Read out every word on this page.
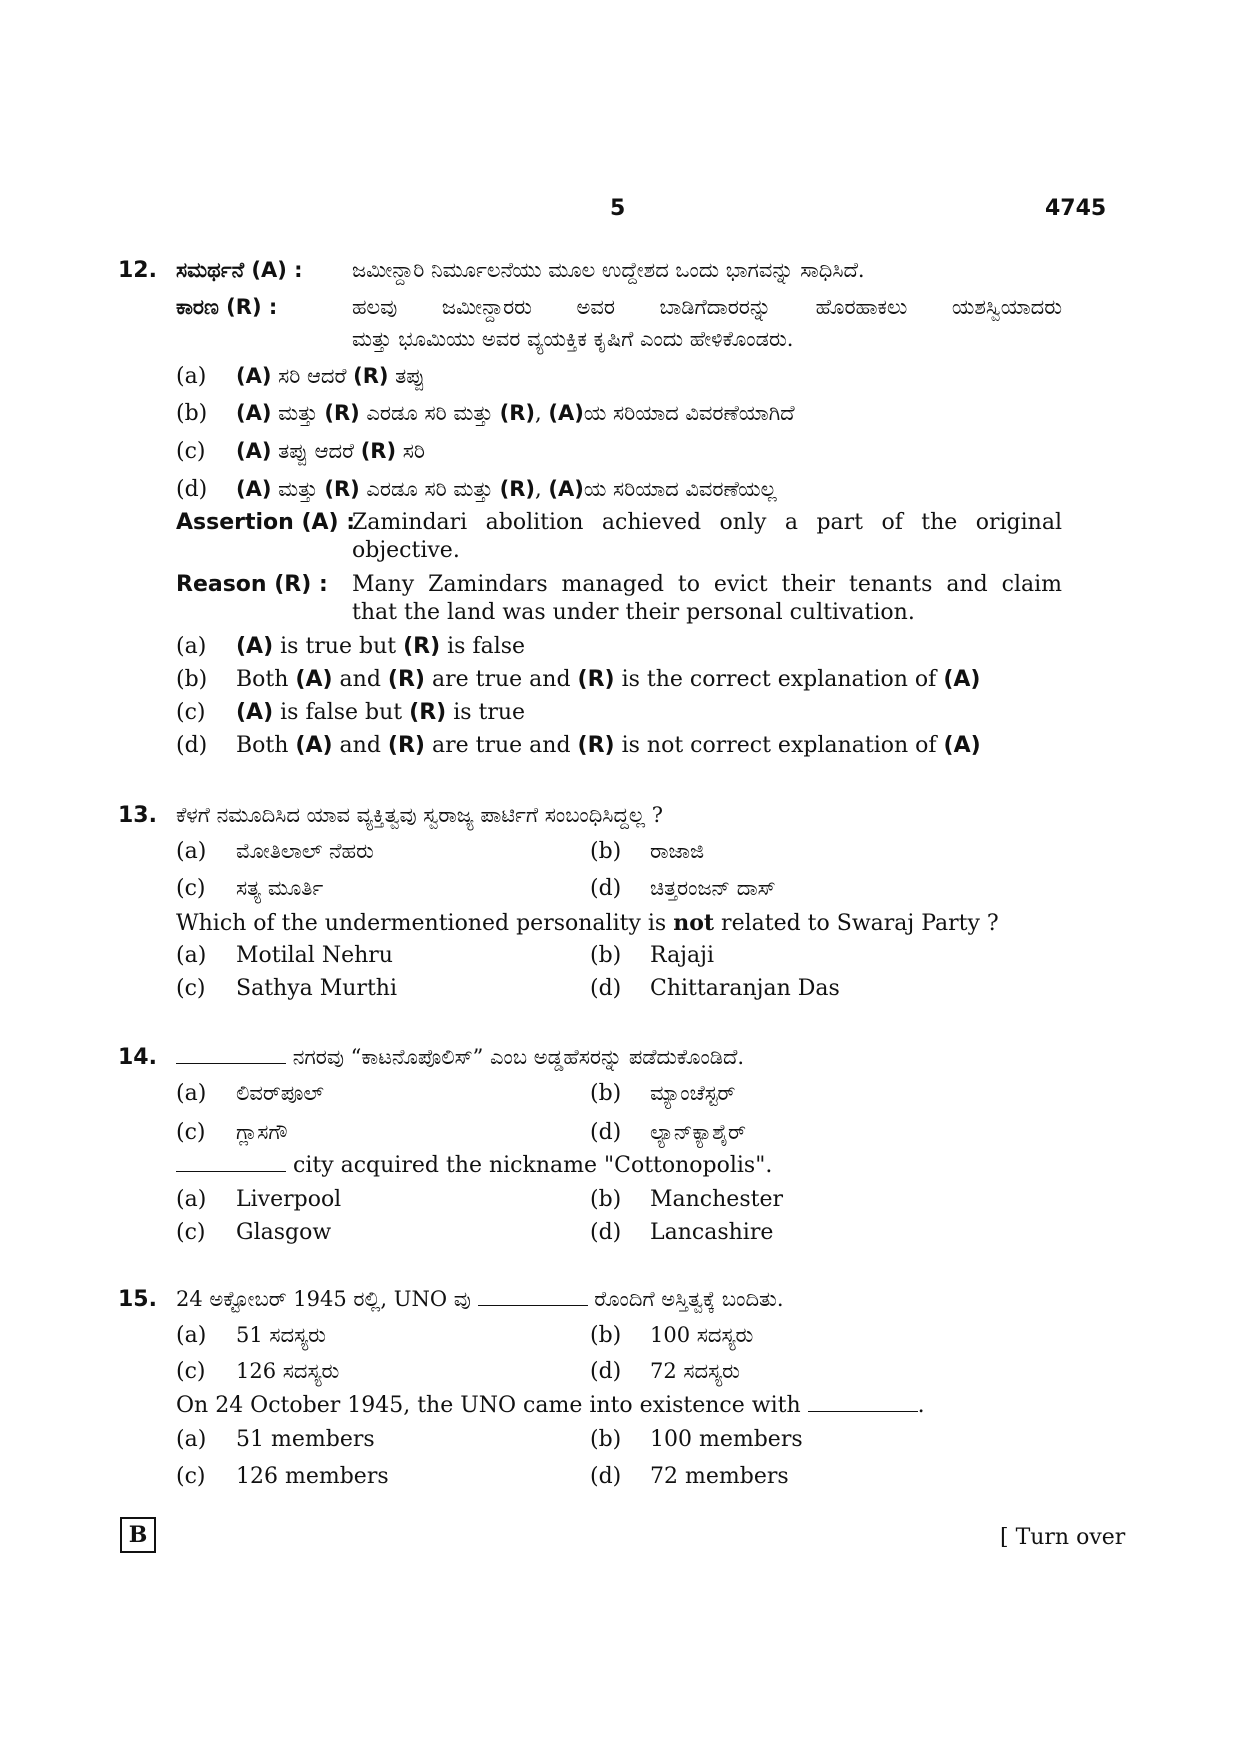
5	4745
12. ಸಮರ್ಥನೆ (A) : ಜಮೀನ್ದಾರಿ ನಿರ್ಮೂಲನೆಯು ಮೂಲ ಉದ್ದೇಶದ ಒಂದು ಭಾಗವನ್ನು ಸಾಧಿಸಿದೆ.
ಕಾರಣ (R) :	ಹಲವು ಜಮೀನ್ದಾರರು ಅವರ ಬಾಡಿಗೆದಾರರನ್ನು ಹೊರಹಾಕಲು ಯಶಸ್ವಿಯಾದರು
ಮತ್ತು ಭೂಮಿಯು ಅವರ ವ್ಯಯಕ್ತಿಕ ಕೃಷಿಗೆ ಎಂದು ಹೇಳಿಕೊಂಡರು.
(a) (A) ಸರಿ ಆದರೆ (R) ತಪ್ಪು
(b) (A) ಮತ್ತು (R) ಎರಡೂ ಸರಿ ಮತ್ತು (R), (A)ಯ ಸರಿಯಾದ ವಿವರಣೆಯಾಗಿದೆ
(c) (A) ತಪ್ಪು ಆದರೆ (R) ಸರಿ
(d) (A) ಮತ್ತು (R) ಎರಡೂ ಸರಿ ಮತ್ತು (R), (A)ಯ ಸರಿಯಾದ ವಿವರಣೆಯಲ್ಲ
Assertion (A) :
Zamindari abolition achieved only a part of the original
objective.
Reason (R) : Many Zamindars managed to evict their tenants and claim
that the land was under their personal cultivation.
(a) (A) is true but (R) is false
(b) Both (A) and (R) are true and (R) is the correct explanation of (A)
(c) (A) is false but (R) is true
(d) Both (A) and (R) are true and (R) is not correct explanation of (A)
13. ಕೆಳಗೆ ನಮೂದಿಸಿದ ಯಾವ ವ್ಯಕ್ತಿತ್ವವು ಸ್ವರಾಜ್ಯ ಪಾರ್ಟಿಗೆ ಸಂಬಂಧಿಸಿದ್ದಲ್ಲ ?
(a) ಮೋತಿಲಾಲ್ ನೆಹರು	(b) ರಾಜಾಜಿ
(c) ಸತ್ಯ ಮೂರ್ತಿ	(d) ಚಿತ್ತರಂಜನ್ ದಾಸ್
Which of the undermentioned personality is not related to Swaraj Party ?
(a) Motilal Nehru	(b) Rajaji
(c) Sathya Murthi	(d) Chittaranjan Das
14.	ನಗರವು “ಕಾಟನೊಪೊಲಿಸ್” ಎಂಬ ಅಡ್ಡಹೆಸರನ್ನು ಪಡೆದುಕೊಂಡಿದೆ.
(a) ಲಿವರ್‌ಪೂಲ್	(b) ಮ್ಯಾಂಚೆಸ್ಟರ್
(c) ಗ್ಲಾಸಗೌ	(d) ಲ್ಯಾನ್‌ಕ್ಯಾಶೈರ್
city acquired the nickname "Cottonopolis".
(a) Liverpool	(b) Manchester
(c) Glasgow	(d) Lancashire
15. 24 ಅಕ್ಟೋಬರ್ 1945 ರಲ್ಲಿ, UNO ವು	ರೊಂದಿಗೆ ಅಸ್ತಿತ್ವಕ್ಕೆ ಬಂದಿತು.
(a) 51 ಸದಸ್ಯರು	(b) 100 ಸದಸ್ಯರು
(c) 126 ಸದಸ್ಯರು	(d) 72 ಸದಸ್ಯರು
On 24 October 1945, the UNO came into existence with	.
(a) 51 members	(b) 100 members
(c) 126 members	(d) 72 members
B	[ Turn over
